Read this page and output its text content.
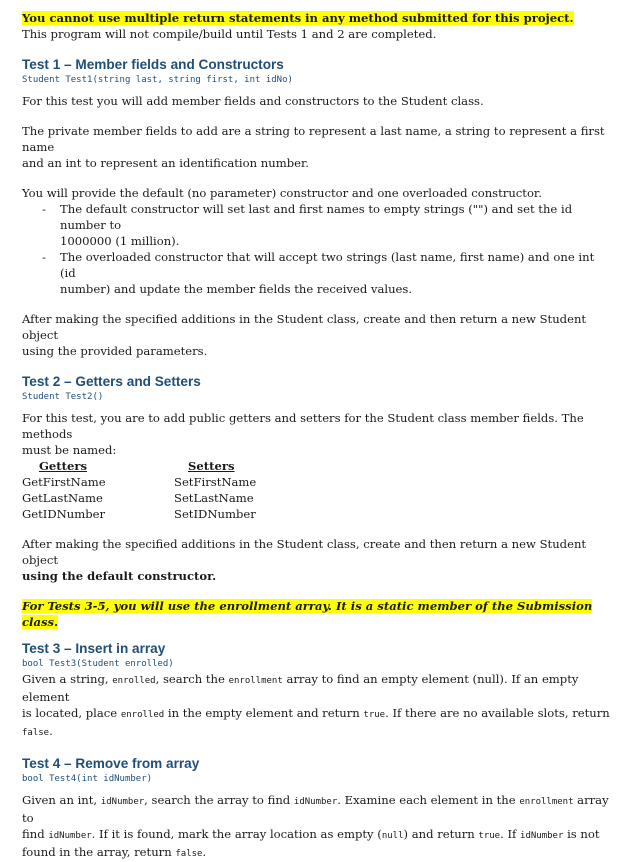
You cannot use multiple return statements in any method submitted for this project.

This program will not compile/build until Tests 1 and 2 are completed.

Test 1 – Member fields and Constructors

Student Test1(string last, string first, int idNo)

For this test you will add member fields and constructors to the Student class.

The private member fields to add are a string to represent a last name, a string to represent a first name

and an int to represent an identification number.

You will provide the default (no parameter) constructor and one overloaded constructor.

- The default constructor will set last and first names to empty strings ("") and set the id number to
1000000 (1 million).
- The overloaded constructor that will accept two strings (last name, first name) and one int (id
number) and update the member fields the received values.

After making the specified additions in the Student class, create and then return a new Student object

using the provided parameters.

Test 2 – Getters and Setters

Student Test2()

For this test, you are to add public getters and setters for the Student class member fields. The methods

must be named:

Getters
GetFirstName
GetLastName
GetIDNumber
Setters
SetFirstName
SetLastName
SetIDNumber

After making the specified additions in the Student class, create and then return a new Student object

using the default constructor.

For Tests 3-5, you will use the enrollment array. It is a static member of the Submission class.

Test 3 – Insert in array

bool Test3(Student enrolled)

Given a string, enrolled, search the enrollment array to find an empty element (null). If an empty element
is located, place enrolled in the empty element and return true. If there are no available slots, return false.

Test 4 – Remove from array

bool Test4(int idNumber)

Given an int, idNumber, search the array to find idNumber. Examine each element in the enrollment array to
find idNumber. If it is found, mark the array location as empty (null) and return true. If idNumber is not
found in the array, return false.
